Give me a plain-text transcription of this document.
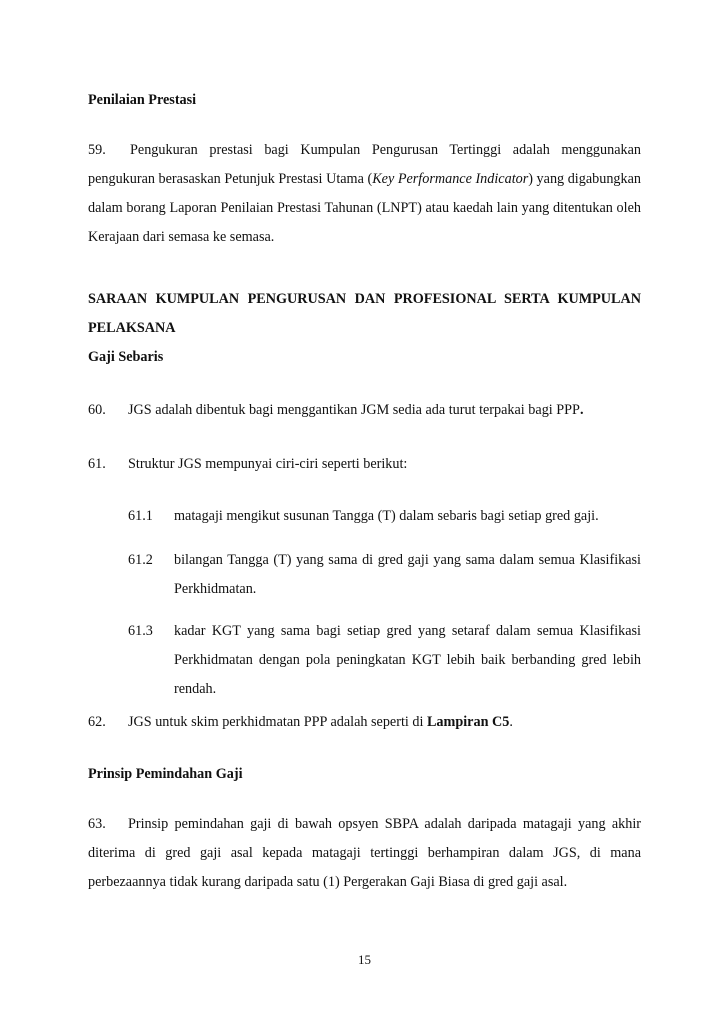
Penilaian Prestasi
59. Pengukuran prestasi bagi Kumpulan Pengurusan Tertinggi adalah menggunakan pengukuran berasaskan Petunjuk Prestasi Utama (Key Performance Indicator) yang digabungkan dalam borang Laporan Penilaian Prestasi Tahunan (LNPT) atau kaedah lain yang ditentukan oleh Kerajaan dari semasa ke semasa.
SARAAN KUMPULAN PENGURUSAN DAN PROFESIONAL SERTA KUMPULAN PELAKSANA
Gaji Sebaris
60. JGS adalah dibentuk bagi menggantikan JGM sedia ada turut terpakai bagi PPP.
61. Struktur JGS mempunyai ciri-ciri seperti berikut:
61.1 matagaji mengikut susunan Tangga (T) dalam sebaris bagi setiap gred gaji.
61.2 bilangan Tangga (T) yang sama di gred gaji yang sama dalam semua Klasifikasi Perkhidmatan.
61.3 kadar KGT yang sama bagi setiap gred yang setaraf dalam semua Klasifikasi Perkhidmatan dengan pola peningkatan KGT lebih baik berbanding gred lebih rendah.
62. JGS untuk skim perkhidmatan PPP adalah seperti di Lampiran C5.
Prinsip Pemindahan Gaji
63. Prinsip pemindahan gaji di bawah opsyen SBPA adalah daripada matagaji yang akhir diterima di gred gaji asal kepada matagaji tertinggi berhampiran dalam JGS, di mana perbezaannya tidak kurang daripada satu (1) Pergerakan Gaji Biasa di gred gaji asal.
15
